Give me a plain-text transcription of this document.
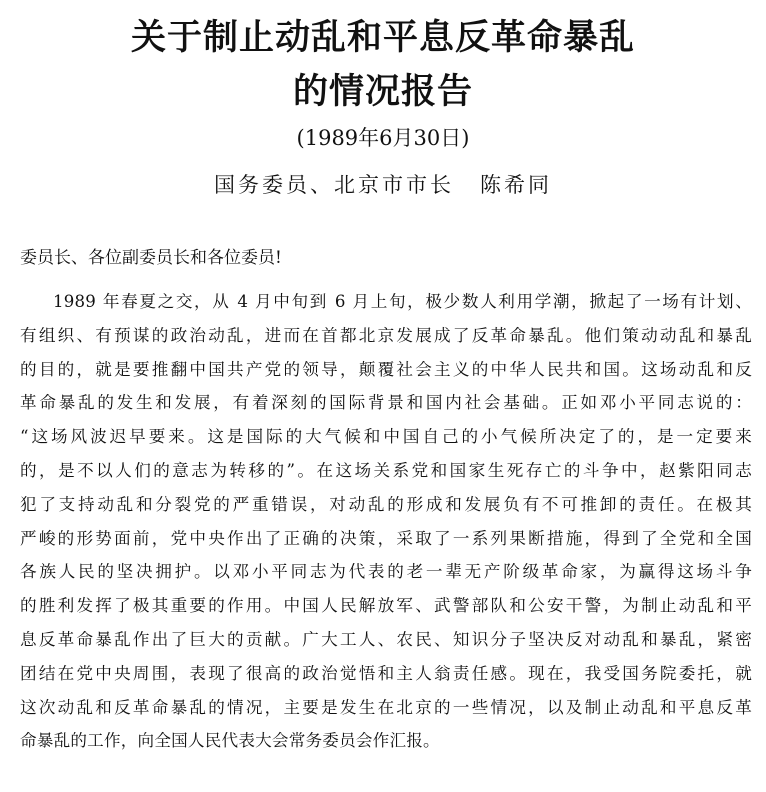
关于制止动乱和平息反革命暴乱
的情况报告
(1989年6月30日)
国务委员、北京市市长 陈希同
委员长、各位副委员长和各位委员!
1989 年春夏之交，从 4 月中旬到 6 月上旬，极少数人利用学潮，掀起了一场有计划、
有组织、有预谋的政治动乱，进而在首都北京发展成了反革命暴乱。他们策动动乱和暴乱
的目的，就是要推翻中国共产党的领导，颠覆社会主义的中华人民共和国。这场动乱和反
革命暴乱的发生和发展，有着深刻的国际背景和国内社会基础。正如邓小平同志说的：
“这场风波迟早要来。这是国际的大气候和中国自己的小气候所决定了的，是一定要来
的，是不以人们的意志为转移的”。在这场关系党和国家生死存亡的斗争中，赵紫阳同志
犯了支持动乱和分裂党的严重错误，对动乱的形成和发展负有不可推卸的责任。在极其
严峻的形势面前，党中央作出了正确的决策，采取了一系列果断措施，得到了全党和全国
各族人民的坚决拥护。以邓小平同志为代表的老一辈无产阶级革命家，为赢得这场斗争
的胜利发挥了极其重要的作用。中国人民解放军、武警部队和公安干警，为制止动乱和平
息反革命暴乱作出了巨大的贡献。广大工人、农民、知识分子坚决反对动乱和暴乱，紧密
团结在党中央周围，表现了很高的政治觉悟和主人翁责任感。现在，我受国务院委托，就
这次动乱和反革命暴乱的情况，主要是发生在北京的一些情况，以及制止动乱和平息反革
命暴乱的工作，向全国人民代表大会常务委员会作汇报。
